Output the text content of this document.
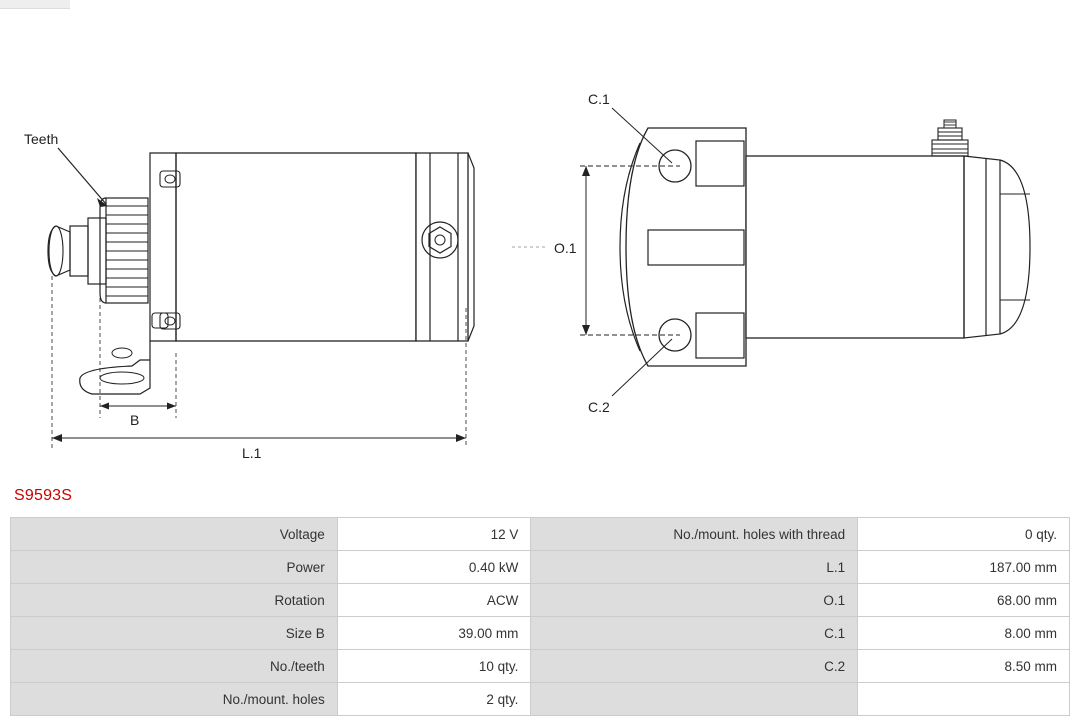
Teeth
B
L.1
O.1
C.1
C.2
S9593S
Voltage	12 V	No./mount. holes with thread	0 qty.
Power	0.40 kW	L.1	187.00 mm
Rotation	ACW	O.1	68.00 mm
Size B	39.00 mm	C.1	8.00 mm
No./teeth	10 qty.	C.2	8.50 mm
No./mount. holes	2 qty.		
